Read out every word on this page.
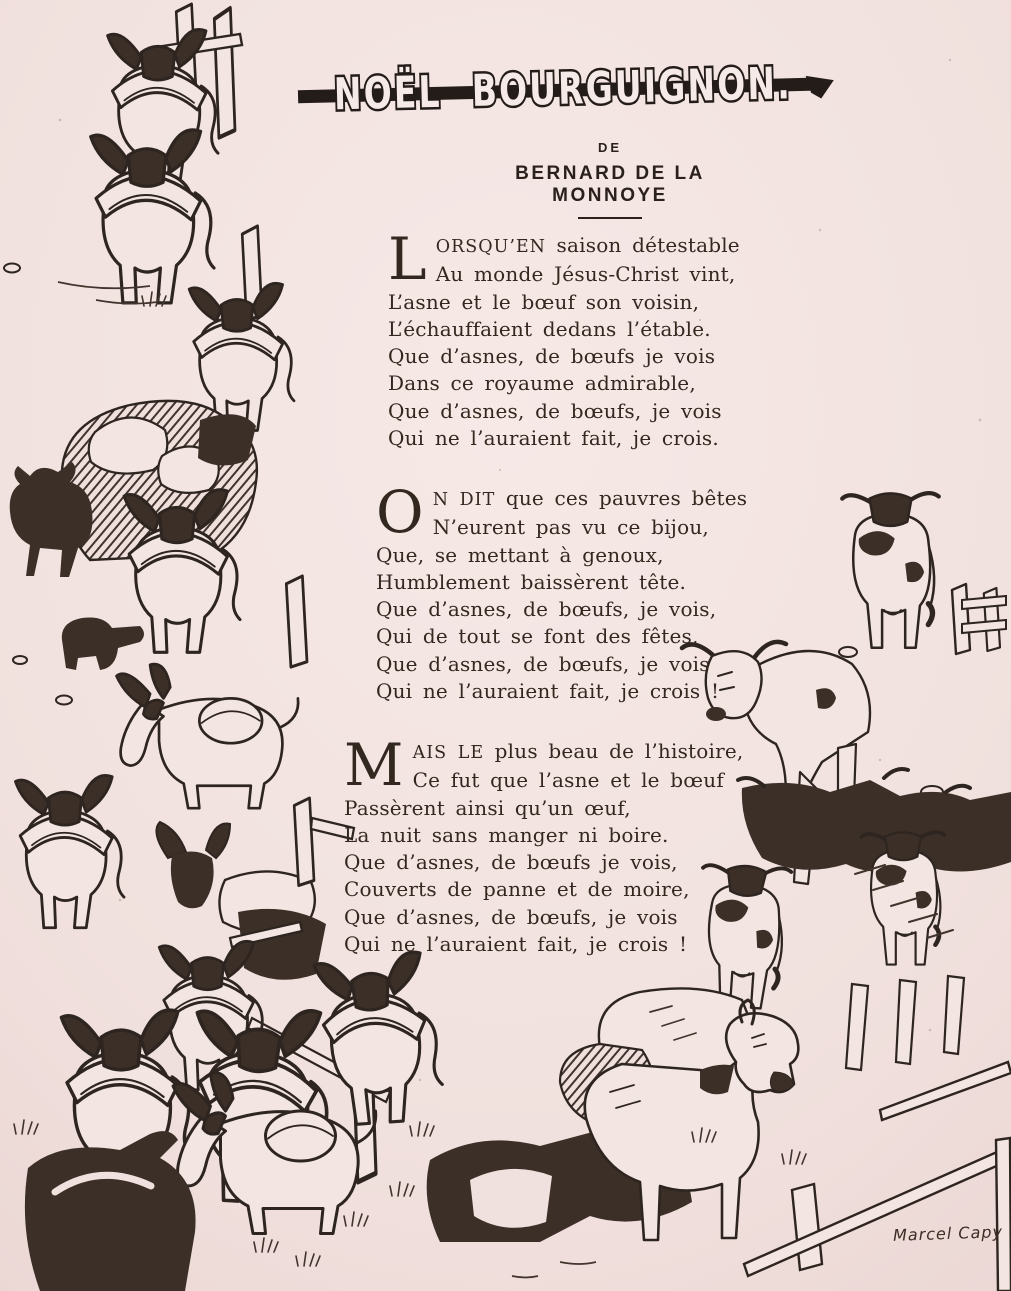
NOËL BOURGUIGNON.
DE
BERNARD DE LA MONNOYE
L ORSQU’EN saison détestable
Au monde Jésus-Christ vint,
L’asne et le bœuf son voisin,
L’échauffaient dedans l’étable.
Que d’asnes, de bœufs je vois
Dans ce royaume admirable,
Que d’asnes, de bœufs, je vois
Qui ne l’auraient fait, je crois.
O N DIT que ces pauvres bêtes
N’eurent pas vu ce bijou,
Que, se mettant à genoux,
Humblement baissèrent tête.
Que d’asnes, de bœufs, je vois,
Qui de tout se font des fêtes,
Que d’asnes, de bœufs, je vois
Qui ne l’auraient fait, je crois !
M AIS LE plus beau de l’histoire,
Ce fut que l’asne et le bœuf
Passèrent ainsi qu’un œuf,
La nuit sans manger ni boire.
Que d’asnes, de bœufs je vois,
Couverts de panne et de moire,
Que d’asnes, de bœufs, je vois
Qui ne l’auraient fait, je crois !
Marcel Capy
